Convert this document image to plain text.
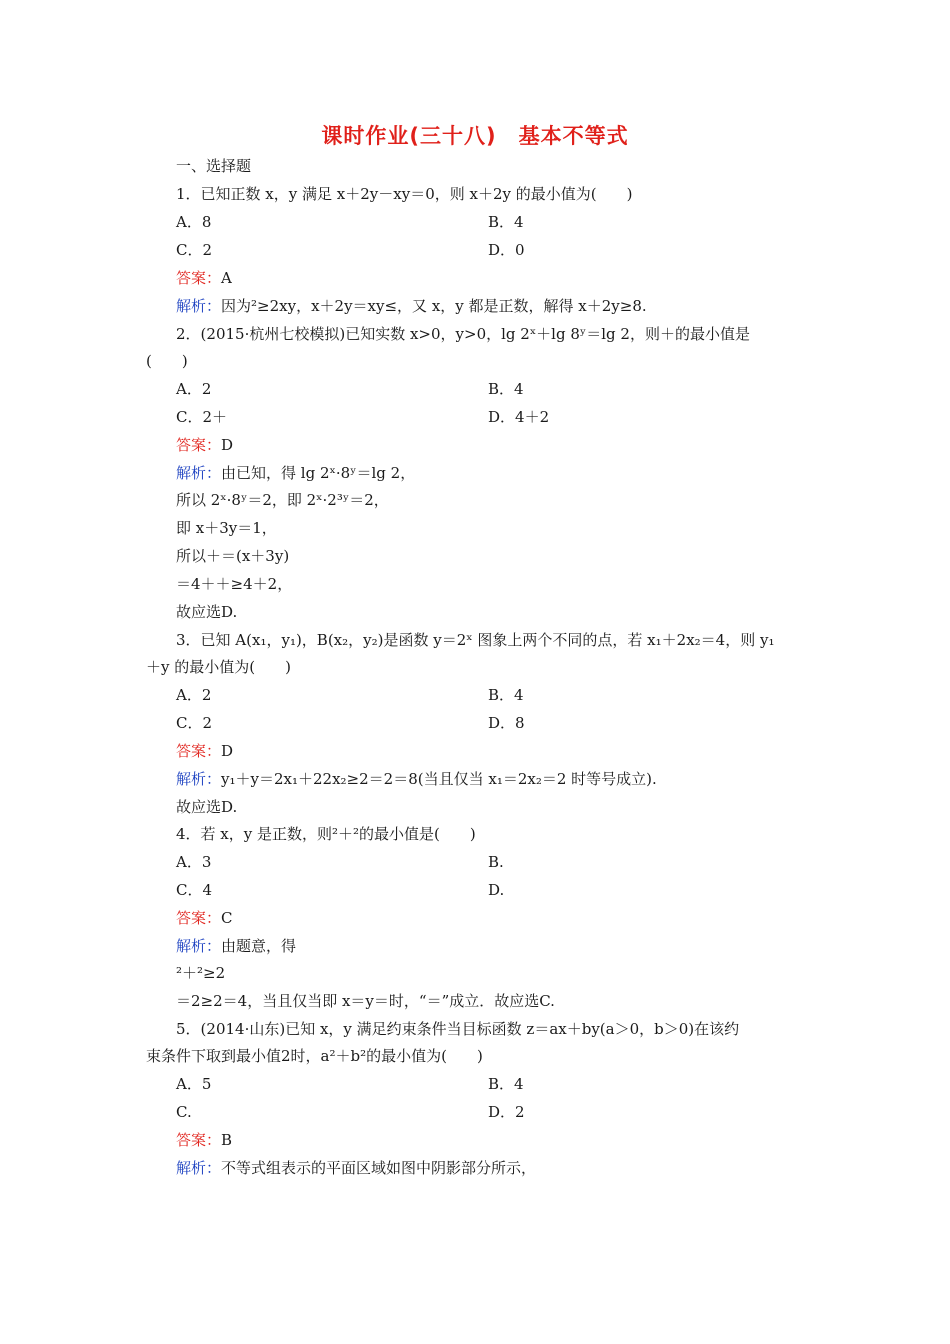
课时作业(三十八)　基本不等式
一、选择题
1．已知正数 x，y 满足 x＋2y－xy＝0，则 x＋2y 的最小值为(　　)
A．8	B．4
C．2	D．0
答案：A
解析：因为²≥2xy，x＋2y＝xy≤，又 x，y 都是正数，解得 x＋2y≥8.
2．(2015·杭州七校模拟)已知实数 x>0，y>0，lg 2ˣ＋lg 8ʸ＝lg 2，则＋的最小值是
(　　)
A．2	B．4
C．2＋	D．4＋2
答案：D
解析：由已知，得 lg 2ˣ·8ʸ＝lg 2，
所以 2ˣ·8ʸ＝2，即 2ˣ·2³ʸ＝2，
即 x＋3y＝1，
所以＋＝(x＋3y)
＝4＋＋≥4＋2，
故应选D.
3．已知 A(x₁，y₁)，B(x₂，y₂)是函数 y＝2ˣ 图象上两个不同的点，若 x₁＋2x₂＝4，则 y₁
＋y 的最小值为(　　)
A．2	B．4
C．2	D．8
答案：D
解析：y₁＋y＝2x₁＋22x₂≥2＝2＝8(当且仅当 x₁＝2x₂＝2 时等号成立).
故应选D.
4．若 x，y 是正数，则²＋²的最小值是(　　)
A．3	B.
C．4	D.
答案：C
解析：由题意，得
²＋²≥2
＝2≥2＝4，当且仅当即 x＝y＝时，“＝”成立．故应选C.
5．(2014·山东)已知 x，y 满足约束条件当目标函数 z＝ax＋by(a＞0，b＞0)在该约
束条件下取到最小值2时，a²＋b²的最小值为(　　)
A．5	B．4
C.	D．2
答案：B
解析：不等式组表示的平面区域如图中阴影部分所示，
